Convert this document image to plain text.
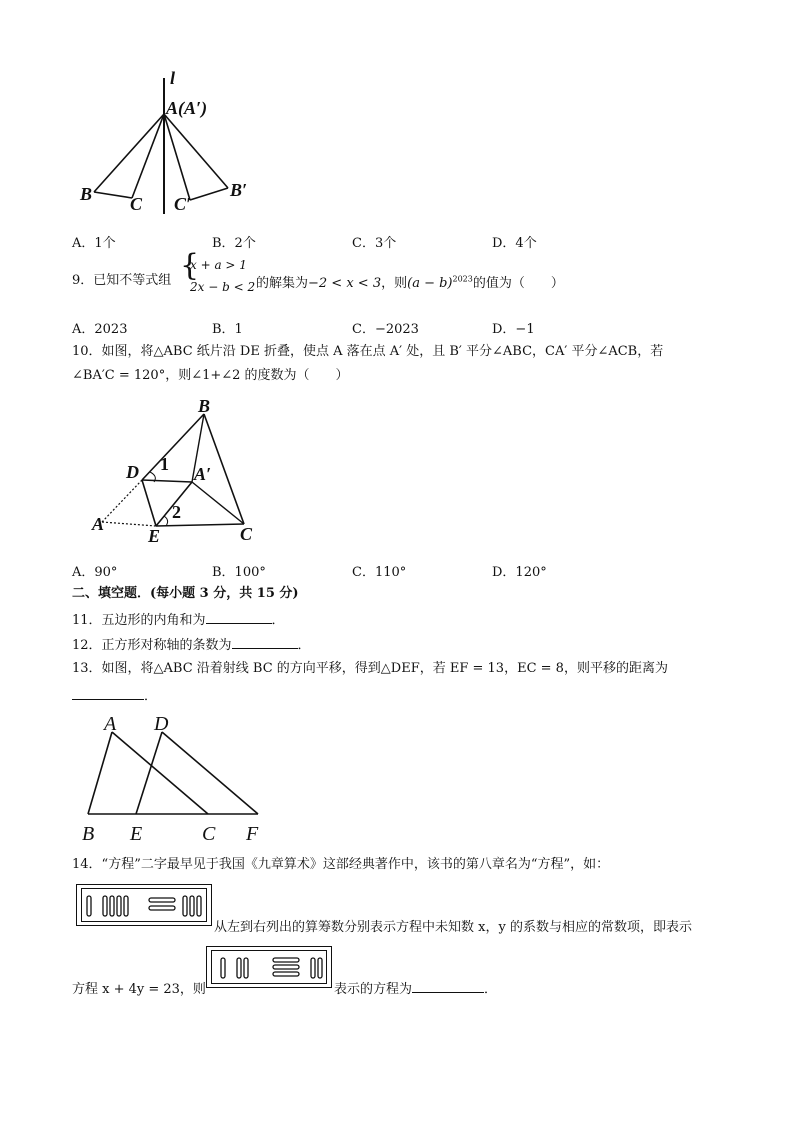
l
A(A′)
B C C′
B′
A．1个	B．2个	C．3个	D．4个
9．已知不等式组 {
x + a > 1
2x − b < 2 的解集为−2 < x < 3，则$(a - b)^{2023}$的值为（　　）
A．2023	B．1	C．−2023	D．−1
10．如图，将△ABC 纸片沿 DE 折叠，使点 A 落在点 A′ 处，且 B′ 平分∠ABC，CA′ 平分∠ACB，若
∠BA′C = 120°，则∠1+∠2 的度数为（　　）
B
D 1 A′
A
2
E	C
A．90°	B．100°	C．110°	D．120°
二、填空题．(每小题 3 分，共 15 分)
11．五边形的内角和为	．
12．正方形对称轴的条数为	．
13．如图，将△ABC 沿着射线 BC 的方向平移，得到△DEF，若 EF = 13，EC = 8，则平移的距离为
．
A D
B E	C F
14．“方程”二字最早见于我国《九章算术》这部经典著作中，该书的第八章名为“方程”，如：
从左到右列出的算筹数分别表示方程中未知数 x，y 的系数与相应的常数项，即表示
方程 x + 4y = 23，则	表示的方程为	．
